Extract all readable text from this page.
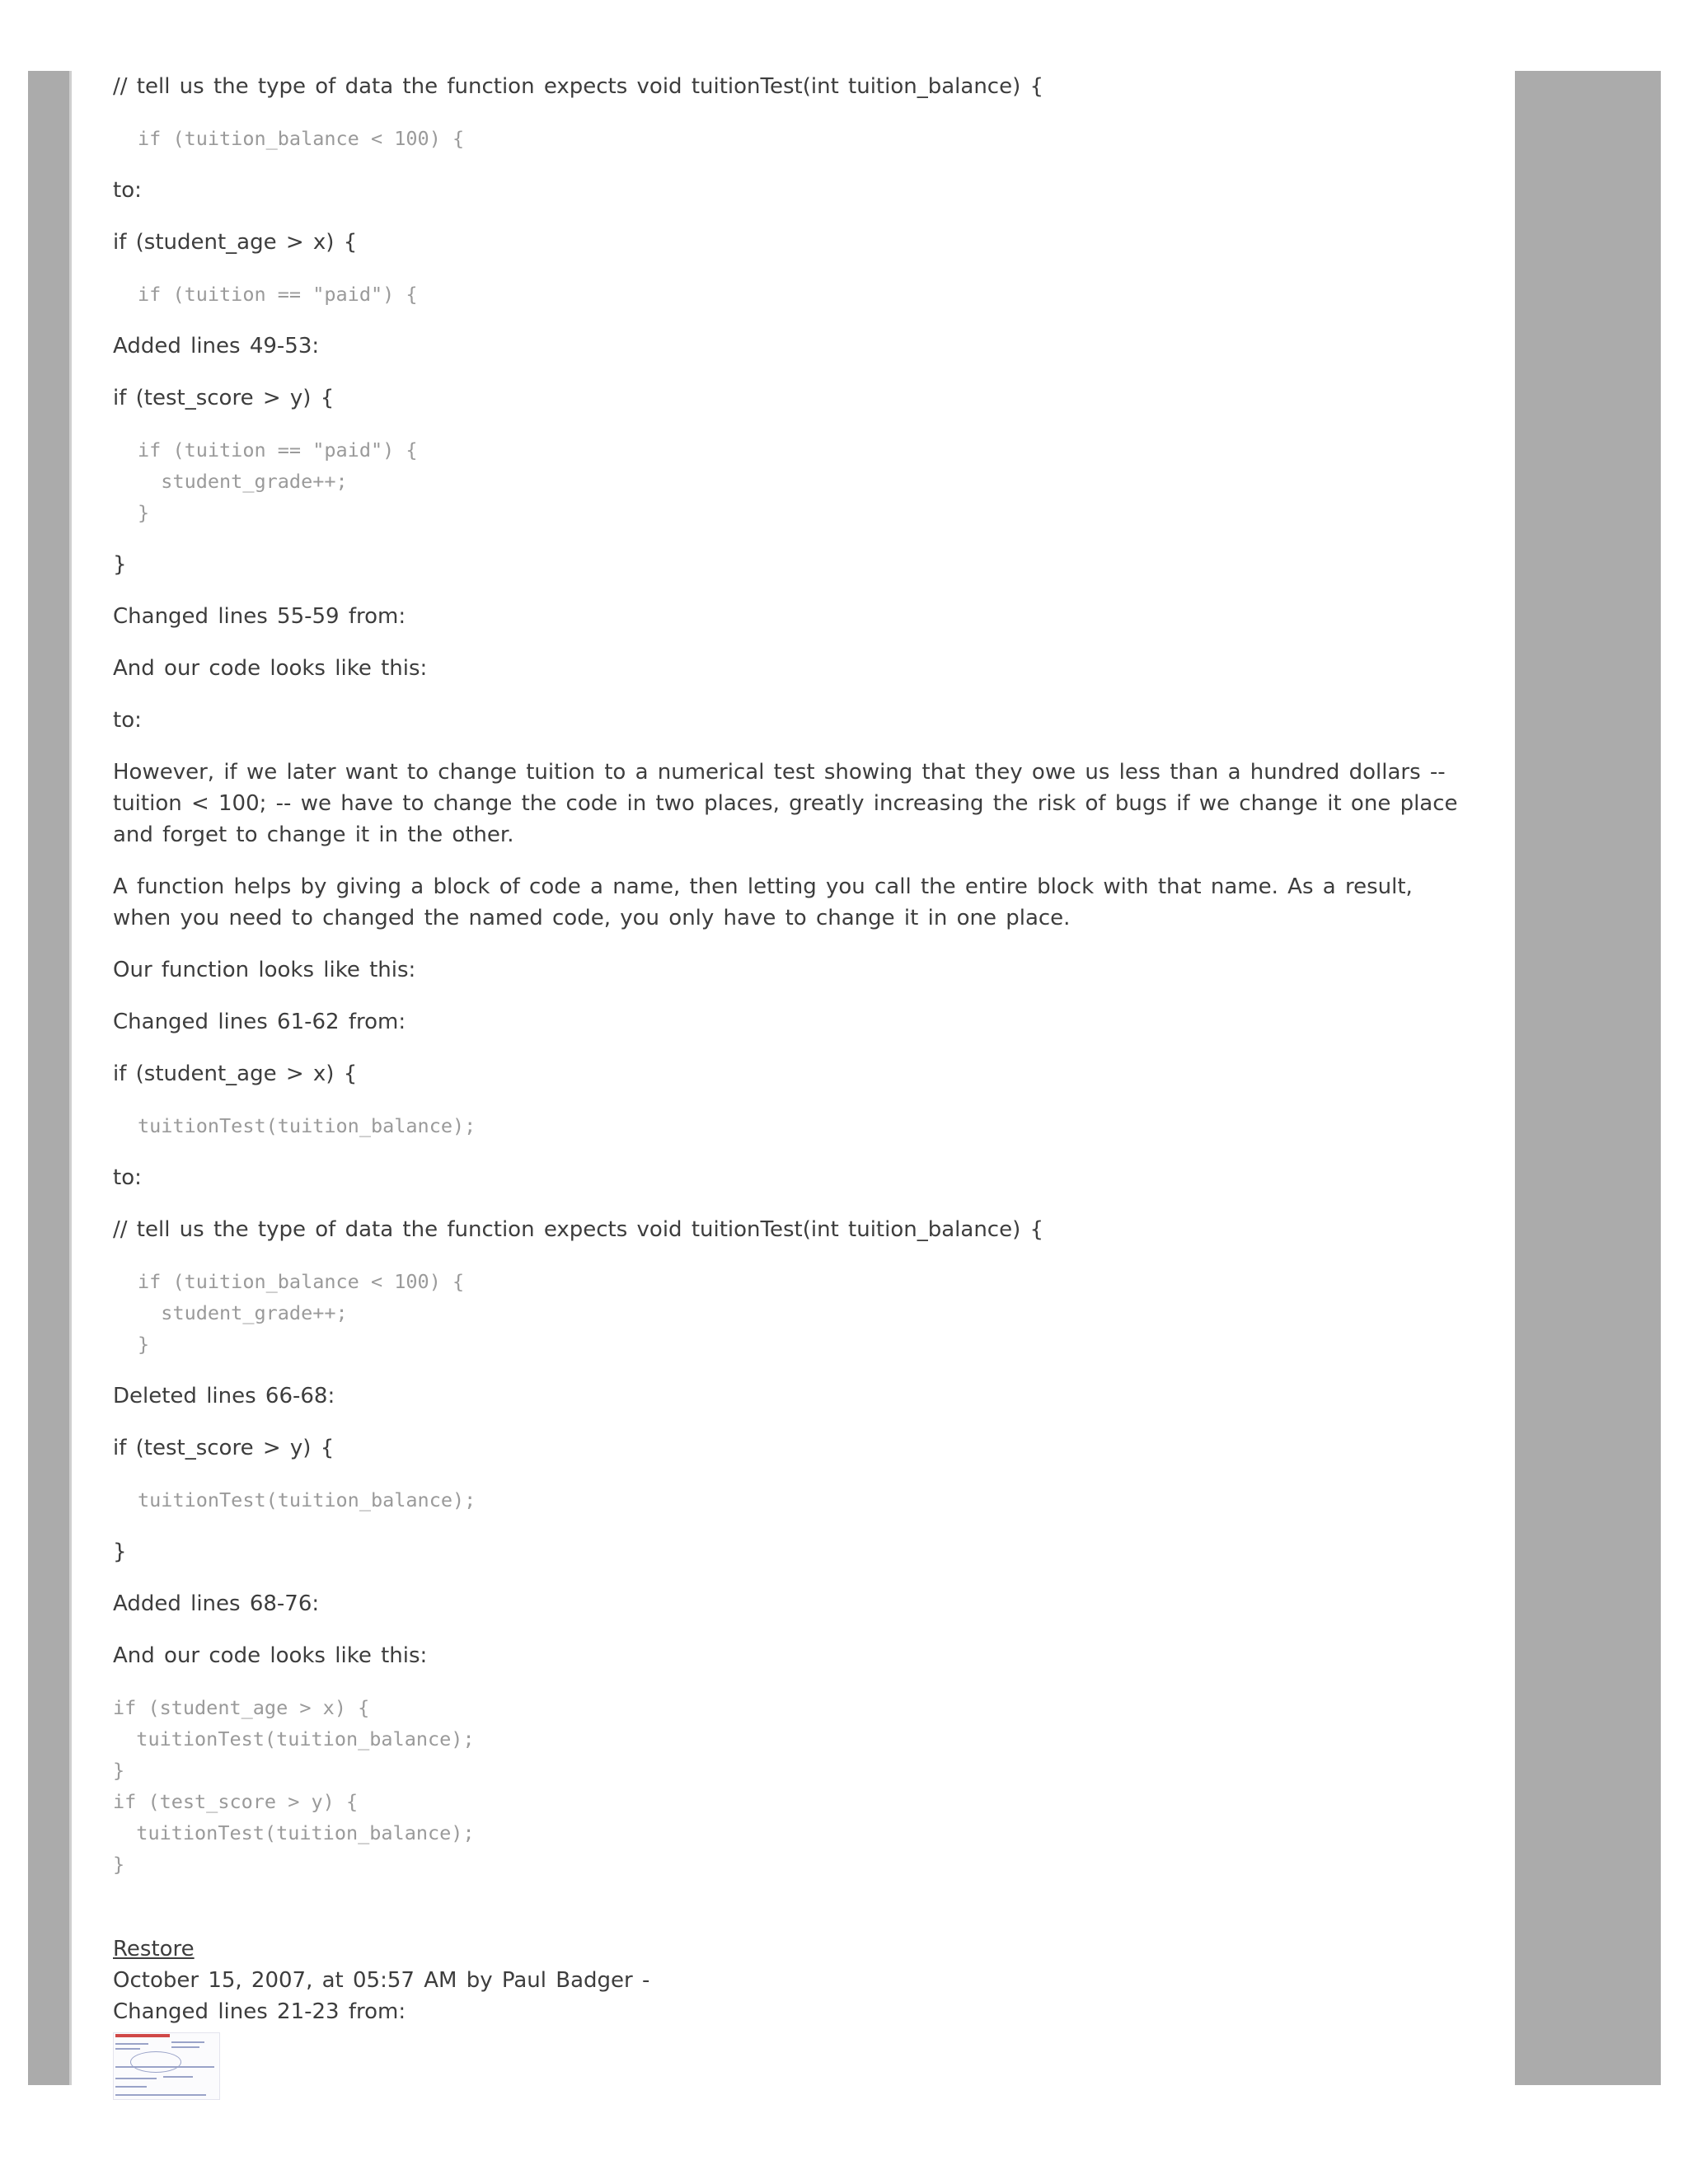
// tell us the type of data the function expects void tuitionTest(int tuition_balance) {
if (tuition_balance < 100) {
to:
if (student_age > x) {
if (tuition == "paid") {
Added lines 49-53:
if (test_score > y) {
if (tuition == "paid") {
student_grade++;
}
}
Changed lines 55-59 from:
And our code looks like this:
to:
However, if we later want to change tuition to a numerical test showing that they owe us less than a hundred dollars -- tuition < 100; -- we have to change the code in two places, greatly increasing the risk of bugs if we change it one place and forget to change it in the other.
A function helps by giving a block of code a name, then letting you call the entire block with that name. As a result, when you need to changed the named code, you only have to change it in one place.
Our function looks like this:
Changed lines 61-62 from:
if (student_age > x) {
tuitionTest(tuition_balance);
to:
// tell us the type of data the function expects void tuitionTest(int tuition_balance) {
if (tuition_balance < 100) {
student_grade++;
}
Deleted lines 66-68:
if (test_score > y) {
tuitionTest(tuition_balance);
}
Added lines 68-76:
And our code looks like this:
if (student_age > x) {
tuitionTest(tuition_balance);
}
if (test_score > y) {
tuitionTest(tuition_balance);
}
Restore
October 15, 2007, at 05:57 AM by Paul Badger -
Changed lines 21-23 from:
